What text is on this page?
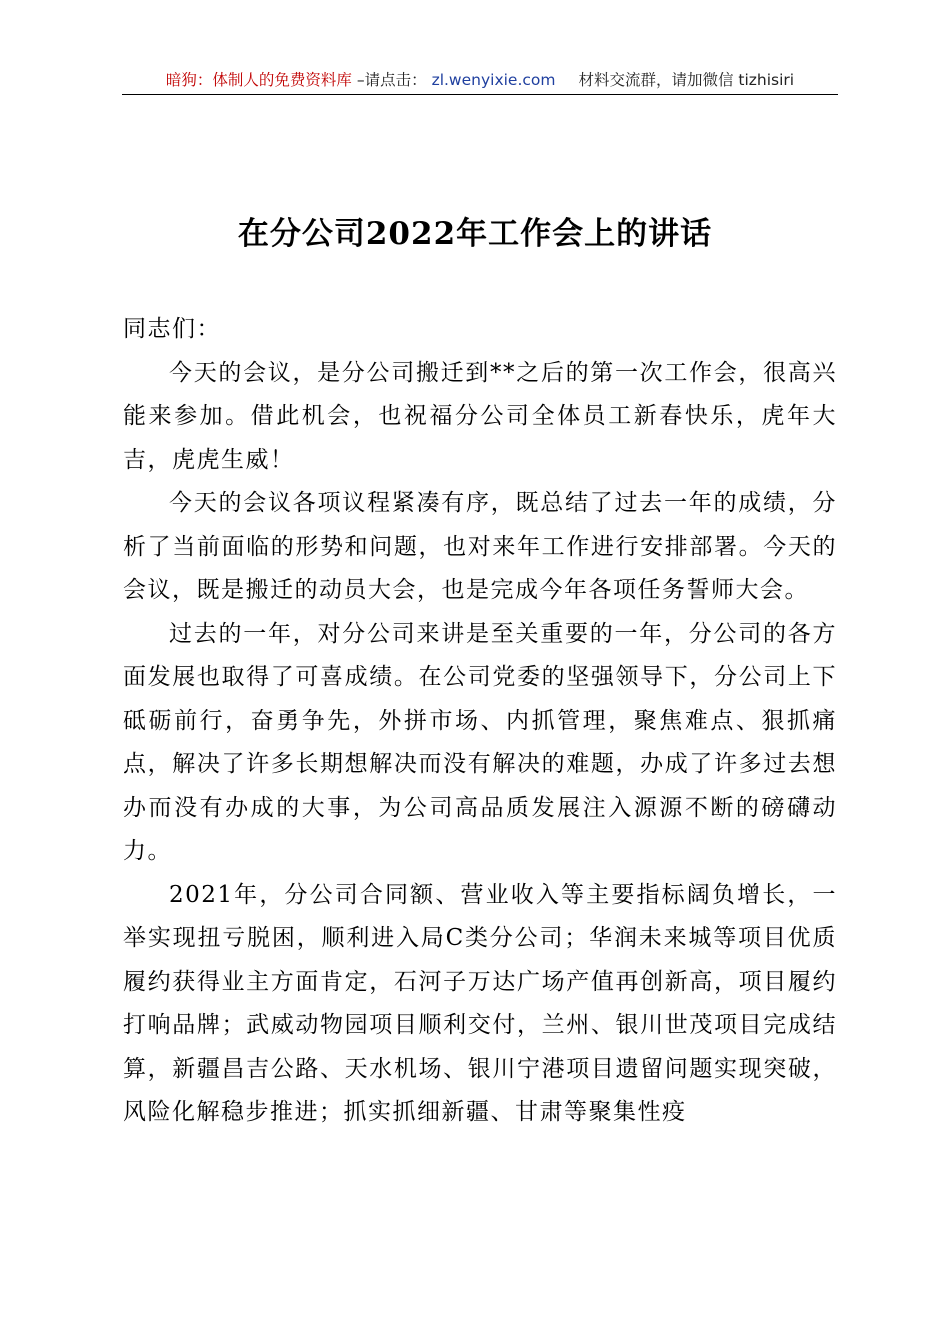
暗狗：体制人的免费资料库 –请点击： zl.wenyixie.com 材料交流群，请加微信 tizhisiri
在分公司2022年工作会上的讲话

同志们：

今天的会议，是分公司搬迁到**之后的第一次工作会，很高兴能来参加。借此机会，也祝福分公司全体员工新春快乐，虎年大吉，虎虎生威！

今天的会议各项议程紧凑有序，既总结了过去一年的成绩，分析了当前面临的形势和问题，也对来年工作进行安排部署。今天的会议，既是搬迁的动员大会，也是完成今年各项任务誓师大会。

过去的一年，对分公司来讲是至关重要的一年，分公司的各方面发展也取得了可喜成绩。在公司党委的坚强领导下，分公司上下砥砺前行，奋勇争先，外拼市场、内抓管理，聚焦难点、狠抓痛点，解决了许多长期想解决而没有解决的难题，办成了许多过去想办而没有办成的大事，为公司高品质发展注入源源不断的磅礴动力。

2021年，分公司合同额、营业收入等主要指标阔负增长，一举实现扭亏脱困，顺利进入局C类分公司；华润未来城等项目优质履约获得业主方面肯定，石河子万达广场产值再创新高，项目履约打响品牌；武威动物园项目顺利交付，兰州、银川世茂项目完成结算，新疆昌吉公路、天水机场、银川宁港项目遗留问题实现突破，风险化解稳步推进；抓实抓细新疆、甘肃等聚集性疫
